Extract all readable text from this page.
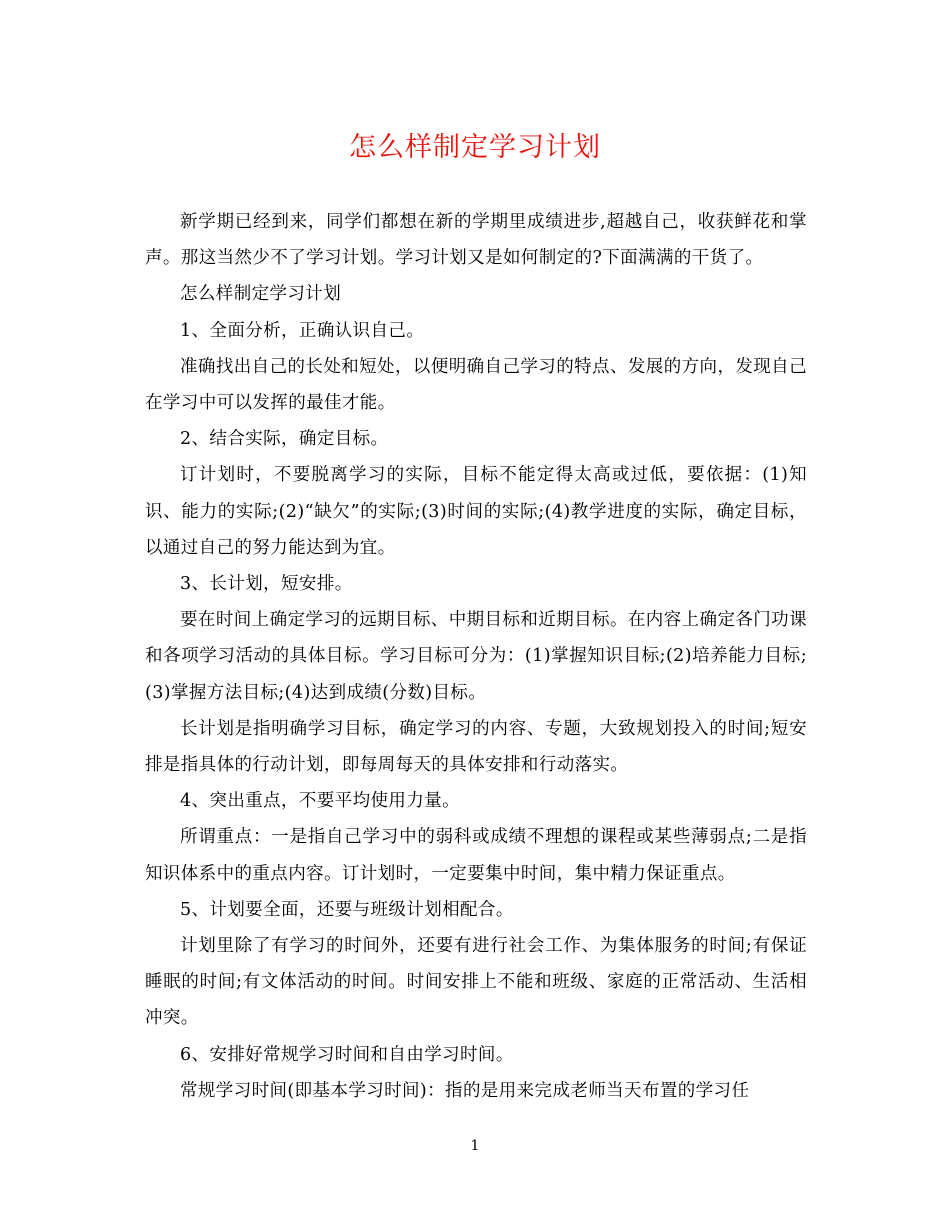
怎么样制定学习计划

新学期已经到来，同学们都想在新的学期里成绩进步,超越自己，收获鲜花和掌声。那这当然少不了学习计划。学习计划又是如何制定的?下面满满的干货了。

怎么样制定学习计划

1、全面分析，正确认识自己。

准确找出自己的长处和短处，以便明确自己学习的特点、发展的方向，发现自己在学习中可以发挥的最佳才能。

2、结合实际，确定目标。

订计划时，不要脱离学习的实际，目标不能定得太高或过低，要依据：(1)知识、能力的实际;(2)“缺欠”的实际;(3)时间的实际;(4)教学进度的实际，确定目标，以通过自己的努力能达到为宜。

3、长计划，短安排。

要在时间上确定学习的远期目标、中期目标和近期目标。在内容上确定各门功课和各项学习活动的具体目标。学习目标可分为：(1)掌握知识目标;(2)培养能力目标;(3)掌握方法目标;(4)达到成绩(分数)目标。

长计划是指明确学习目标，确定学习的内容、专题，大致规划投入的时间;短安排是指具体的行动计划，即每周每天的具体安排和行动落实。

4、突出重点，不要平均使用力量。

所谓重点：一是指自己学习中的弱科或成绩不理想的课程或某些薄弱点;二是指知识体系中的重点内容。订计划时，一定要集中时间，集中精力保证重点。

5、计划要全面，还要与班级计划相配合。

计划里除了有学习的时间外，还要有进行社会工作、为集体服务的时间;有保证睡眠的时间;有文体活动的时间。时间安排上不能和班级、家庭的正常活动、生活相冲突。

6、安排好常规学习时间和自由学习时间。

常规学习时间(即基本学习时间)：指的是用来完成老师当天布置的学习任

1
